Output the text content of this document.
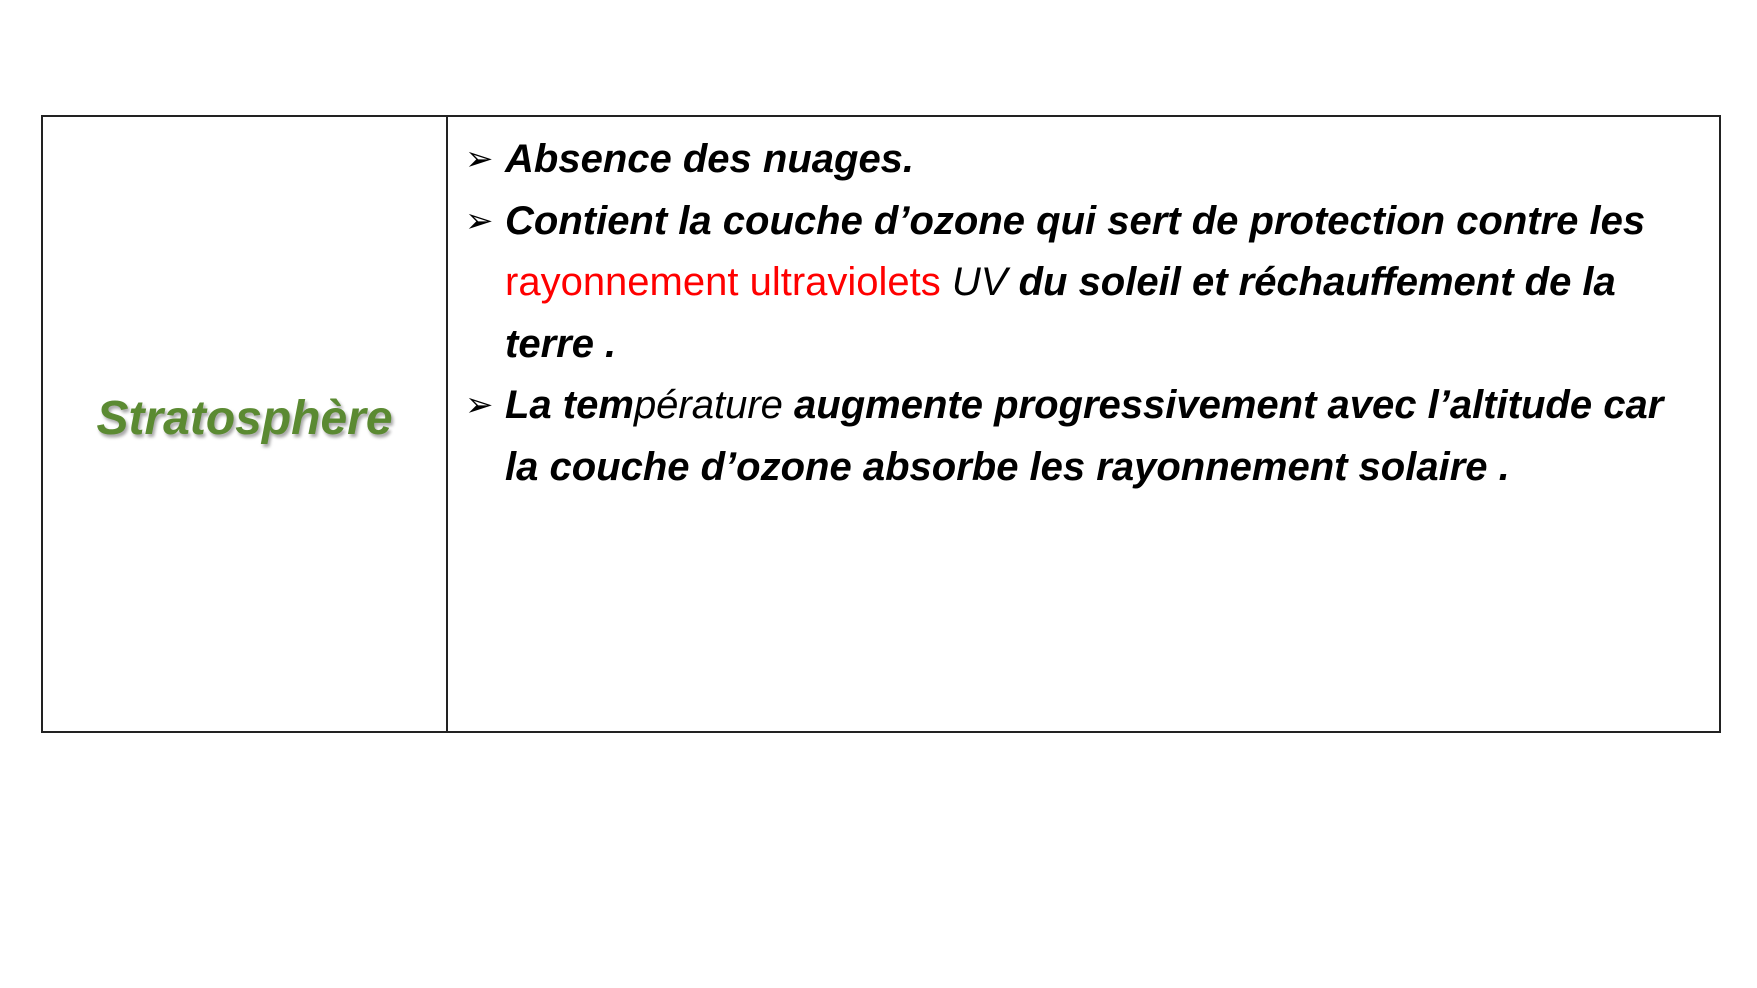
Stratosphère
➢ Absence des nuages.
➢ Contient la couche d’ozone qui sert de protection contre les rayonnement ultraviolets UV du soleil et réchauffement de la terre .
➢ La température augmente progressivement avec l’altitude car la couche d’ozone absorbe les rayonnement solaire .
